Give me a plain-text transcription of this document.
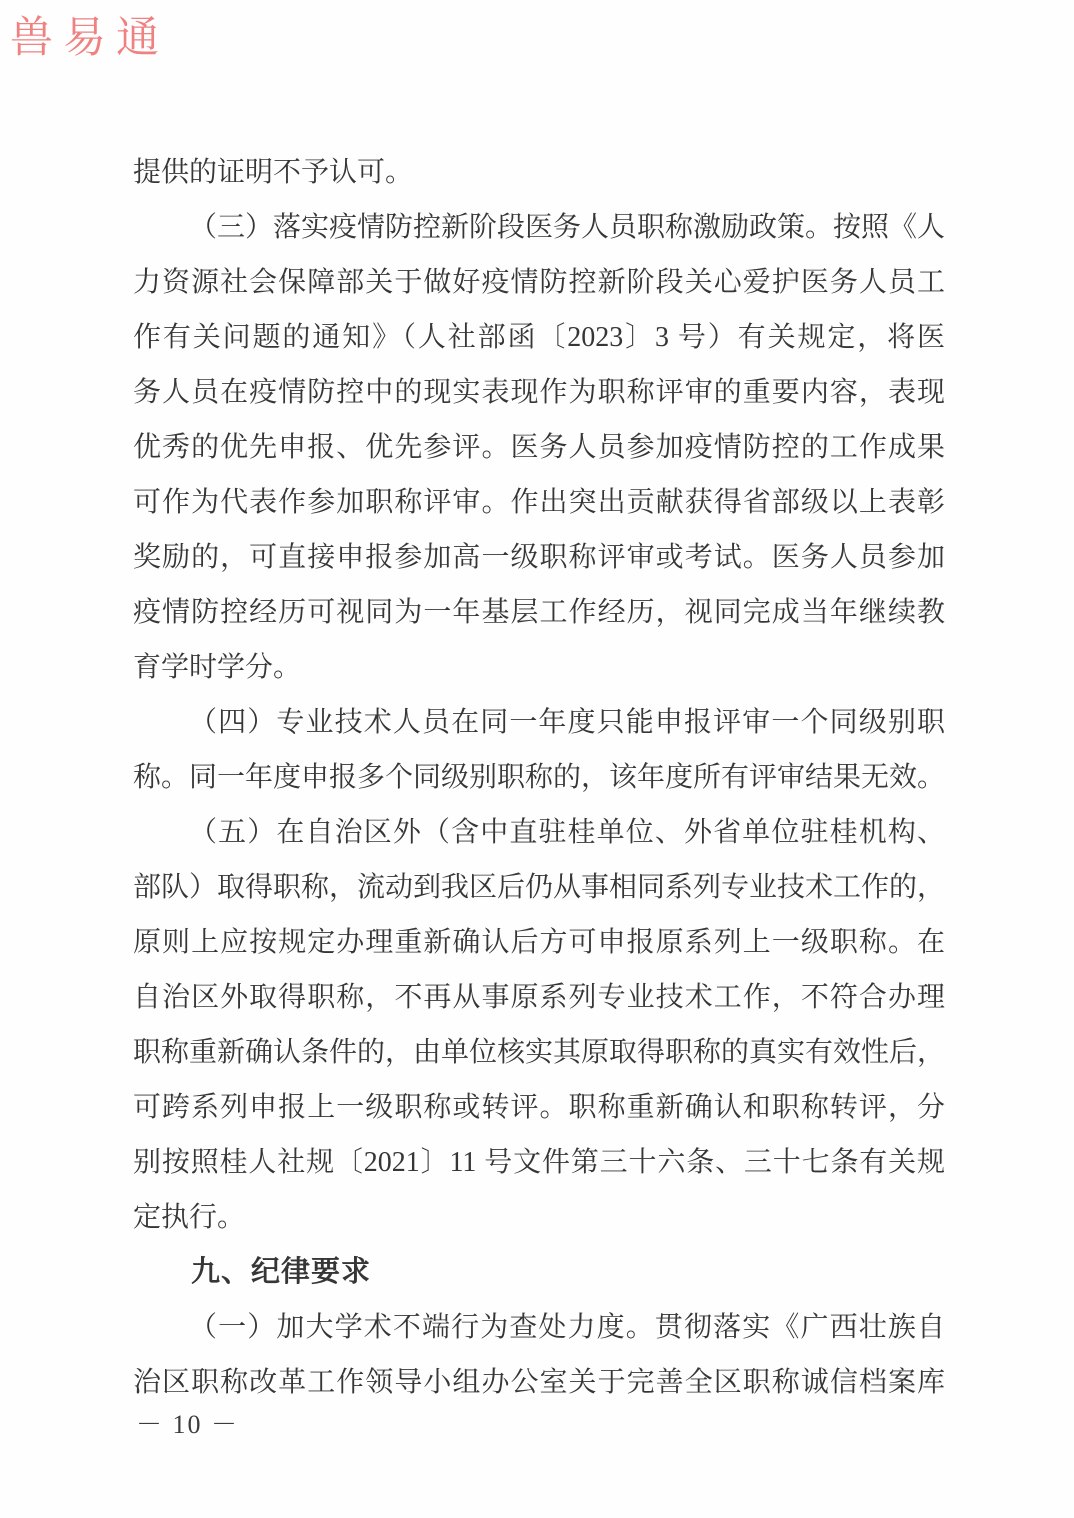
兽易通
提供的证明不予认可。
（三）落实疫情防控新阶段医务人员职称激励政策。按照《人
力资源社会保障部关于做好疫情防控新阶段关心爱护医务人员工
作有关问题的通知》（人社部函〔2023〕3 号）有关规定，将医
务人员在疫情防控中的现实表现作为职称评审的重要内容，表现
优秀的优先申报、优先参评。医务人员参加疫情防控的工作成果
可作为代表作参加职称评审。作出突出贡献获得省部级以上表彰
奖励的，可直接申报参加高一级职称评审或考试。医务人员参加
疫情防控经历可视同为一年基层工作经历，视同完成当年继续教
育学时学分。
（四）专业技术人员在同一年度只能申报评审一个同级别职
称。同一年度申报多个同级别职称的，该年度所有评审结果无效。
（五）在自治区外（含中直驻桂单位、外省单位驻桂机构、
部队）取得职称，流动到我区后仍从事相同系列专业技术工作的，
原则上应按规定办理重新确认后方可申报原系列上一级职称。在
自治区外取得职称，不再从事原系列专业技术工作，不符合办理
职称重新确认条件的，由单位核实其原取得职称的真实有效性后，
可跨系列申报上一级职称或转评。职称重新确认和职称转评，分
别按照桂人社规〔2021〕11 号文件第三十六条、三十七条有关规
定执行。
九、纪律要求
（一）加大学术不端行为查处力度。贯彻落实《广西壮族自
治区职称改革工作领导小组办公室关于完善全区职称诚信档案库
－ 10 －
